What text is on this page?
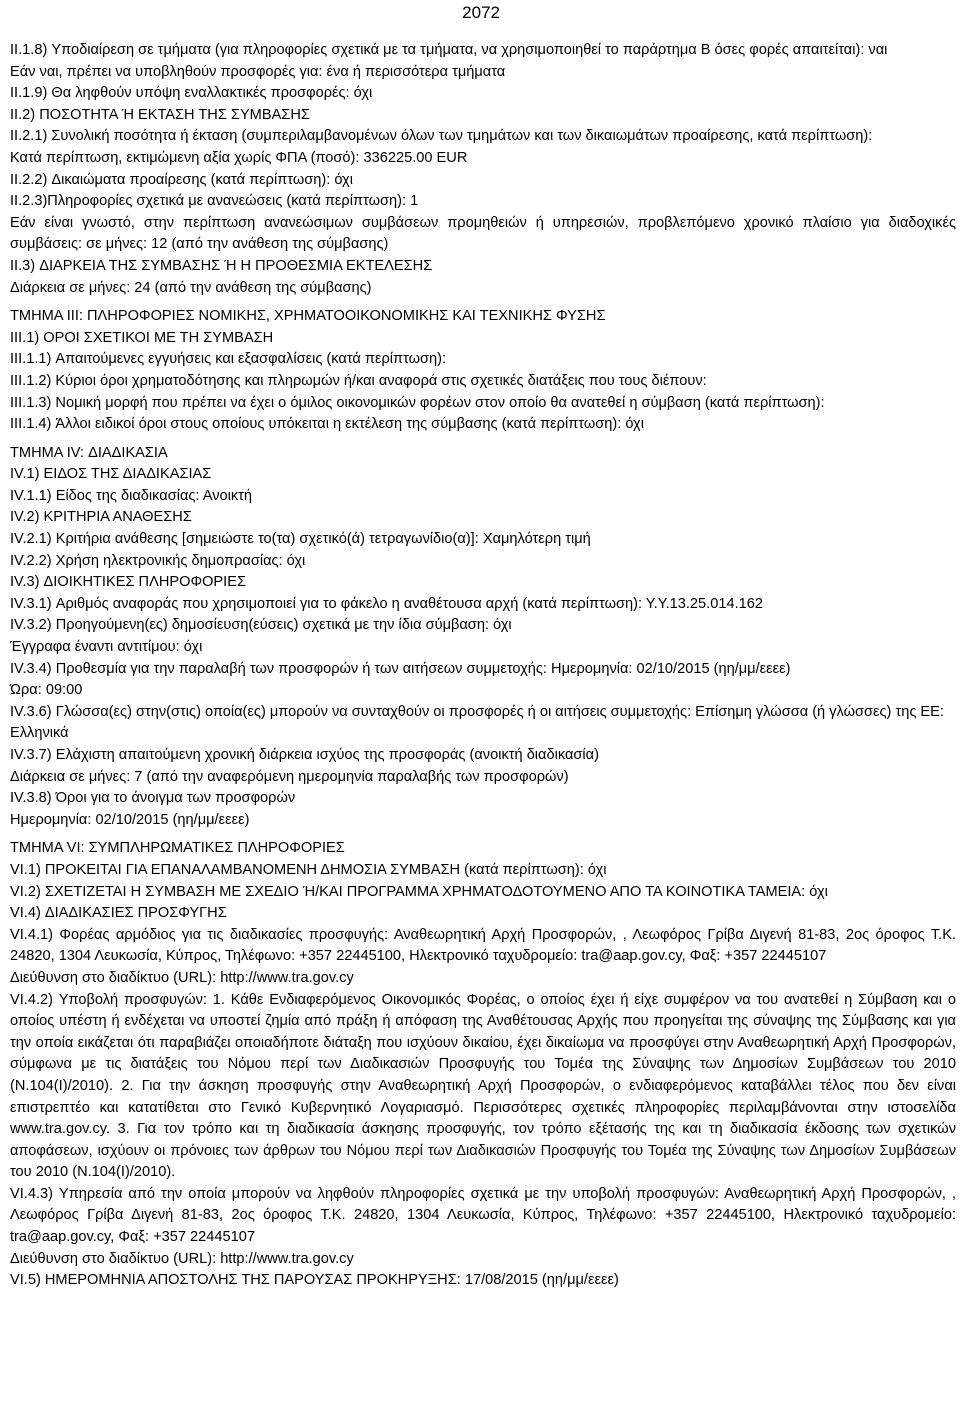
2072

II.1.8) Υποδιαίρεση σε τμήματα (για πληροφορίες σχετικά με τα τμήματα, να χρησιμοποιηθεί το παράρτημα Β όσες φορές απαιτείται): ναι

Εάν ναι, πρέπει να υποβληθούν προσφορές για: ένα ή περισσότερα τμήματα

II.1.9) Θα ληφθούν υπόψη εναλλακτικές προσφορές: όχι

II.2) ΠΟΣΟΤΗΤΑ Ή ΕΚΤΑΣΗ ΤΗΣ ΣΥΜΒΑΣΗΣ

II.2.1) Συνολική ποσότητα ή έκταση (συμπεριλαμβανομένων όλων των τμημάτων και των δικαιωμάτων προαίρεσης, κατά περίπτωση):

Κατά περίπτωση, εκτιμώμενη αξία χωρίς ΦΠΑ (ποσό): 336225.00 EUR

II.2.2) Δικαιώματα προαίρεσης (κατά περίπτωση): όχι

II.2.3)Πληροφορίες σχετικά με ανανεώσεις (κατά περίπτωση): 1

Εάν είναι γνωστό, στην περίπτωση ανανεώσιμων συμβάσεων προμηθειών ή υπηρεσιών, προβλεπόμενο χρονικό πλαίσιο για διαδοχικές συμβάσεις: σε μήνες: 12 (από την ανάθεση της σύμβασης)

II.3) ΔΙΑΡΚΕΙΑ ΤΗΣ ΣΥΜΒΑΣΗΣ Ή Η ΠΡΟΘΕΣΜΙΑ ΕΚΤΕΛΕΣΗΣ

Διάρκεια σε μήνες: 24 (από την ανάθεση της σύμβασης)

ΤΜΗΜΑ III: ΠΛΗΡΟΦΟΡΙΕΣ ΝΟΜΙΚΗΣ, ΧΡΗΜΑΤΟΟΙΚΟΝΟΜΙΚΗΣ ΚΑΙ ΤΕΧΝΙΚΗΣ ΦΥΣΗΣ

III.1) ΟΡΟΙ ΣΧΕΤΙΚΟΙ ΜΕ ΤΗ ΣΥΜΒΑΣΗ

III.1.1) Απαιτούμενες εγγυήσεις και εξασφαλίσεις (κατά περίπτωση):

III.1.2) Κύριοι όροι χρηματοδότησης και πληρωμών ή/και αναφορά στις σχετικές διατάξεις που τους διέπουν:

III.1.3) Νομική μορφή που πρέπει να έχει ο όμιλος οικονομικών φορέων στον οποίο θα ανατεθεί η σύμβαση (κατά περίπτωση):

III.1.4) Άλλοι ειδικοί όροι στους οποίους υπόκειται η εκτέλεση της σύμβασης (κατά περίπτωση): όχι

ΤΜΗΜΑ IV: ΔΙΑΔΙΚΑΣΙΑ

IV.1) ΕΙΔΟΣ ΤΗΣ ΔΙΑΔΙΚΑΣΙΑΣ

IV.1.1) Είδος της διαδικασίας: Ανοικτή

IV.2) ΚΡΙΤΗΡΙΑ ΑΝΑΘΕΣΗΣ

IV.2.1) Κριτήρια ανάθεσης [σημειώστε το(τα) σχετικό(ά) τετραγωνίδιο(α)]: Χαμηλότερη τιμή

IV.2.2) Χρήση ηλεκτρονικής δημοπρασίας: όχι

IV.3) ΔΙΟΙΚΗΤΙΚΕΣ ΠΛΗΡΟΦΟΡΙΕΣ

IV.3.1) Αριθμός αναφοράς που χρησιμοποιεί για το φάκελο η αναθέτουσα αρχή (κατά περίπτωση): Υ.Υ.13.25.014.162

IV.3.2) Προηγούμενη(ες) δημοσίευση(εύσεις) σχετικά με την ίδια σύμβαση: όχι

Έγγραφα έναντι αντιτίμου: όχι

IV.3.4) Προθεσμία για την παραλαβή των προσφορών ή των αιτήσεων συμμετοχής: Ημερομηνία: 02/10/2015 (ηη/μμ/εεεε)

Ώρα: 09:00

IV.3.6) Γλώσσα(ες) στην(στις) οποία(ες) μπορούν να συνταχθούν οι προσφορές ή οι αιτήσεις συμμετοχής: Επίσημη γλώσσα (ή γλώσσες) της ΕΕ:

Ελληνικά

IV.3.7) Ελάχιστη απαιτούμενη χρονική διάρκεια ισχύος της προσφοράς (ανοικτή διαδικασία)

Διάρκεια σε μήνες: 7 (από την αναφερόμενη ημερομηνία παραλαβής των προσφορών)

IV.3.8) Όροι για το άνοιγμα των προσφορών

Ημερομηνία: 02/10/2015 (ηη/μμ/εεεε)

ΤΜΗΜΑ VI: ΣΥΜΠΛΗΡΩΜΑΤΙΚΕΣ ΠΛΗΡΟΦΟΡΙΕΣ

VI.1) ΠΡΟΚΕΙΤΑΙ ΓΙΑ ΕΠΑΝΑΛΑΜΒΑΝΟΜΕΝΗ ΔΗΜΟΣΙΑ ΣΥΜΒΑΣΗ (κατά περίπτωση): όχι

VI.2) ΣΧΕΤΙΖΕΤΑΙ Η ΣΥΜΒΑΣΗ ΜΕ ΣΧΕΔΙΟ Ή/ΚΑΙ ΠΡΟΓΡΑΜΜΑ ΧΡΗΜΑΤΟΔΟΤΟΥΜΕΝΟ ΑΠΟ ΤΑ ΚΟΙΝΟΤΙΚΑ ΤΑΜΕΙΑ: όχι

VI.4) ΔΙΑΔΙΚΑΣΙΕΣ ΠΡΟΣΦΥΓΗΣ

VI.4.1) Φορέας αρμόδιος για τις διαδικασίες προσφυγής: Αναθεωρητική Αρχή Προσφορών, , Λεωφόρος Γρίβα Διγενή 81-83, 2ος όροφος Τ.Κ. 24820, 1304 Λευκωσία, Κύπρος, Τηλέφωνο: +357 22445100, Ηλεκτρονικό ταχυδρομείο: tra@aap.gov.cy, Φαξ: +357 22445107

Διεύθυνση στο διαδίκτυο (URL): http://www.tra.gov.cy

VI.4.2) Υποβολή προσφυγών: 1. Κάθε Ενδιαφερόμενος Οικονομικός Φορέας, ο οποίος έχει ή είχε συμφέρον να του ανατεθεί η Σύμβαση και ο οποίος υπέστη ή ενδέχεται να υποστεί ζημία από πράξη ή απόφαση της Αναθέτουσας Αρχής που προηγείται της σύναψης της Σύμβασης και για την οποία εικάζεται ότι παραβιάζει οποιαδήποτε διάταξη που ισχύουν δικαίου, έχει δικαίωμα να προσφύγει στην Αναθεωρητική Αρχή Προσφορών, σύμφωνα με τις διατάξεις του Νόμου περί των Διαδικασιών Προσφυγής του Τομέα της Σύναψης των Δημοσίων Συμβάσεων του 2010 (Ν.104(I)/2010). 2. Για την άσκηση προσφυγής στην Αναθεωρητική Αρχή Προσφορών, ο ενδιαφερόμενος καταβάλλει τέλος που δεν είναι επιστρεπτέο και κατατίθεται στο Γενικό Κυβερνητικό Λογαριασμό. Περισσότερες σχετικές πληροφορίες περιλαμβάνονται στην ιστοσελίδα www.tra.gov.cy. 3. Για τον τρόπο και τη διαδικασία άσκησης προσφυγής, τον τρόπο εξέτασής της και τη διαδικασία έκδοσης των σχετικών αποφάσεων, ισχύουν οι πρόνοιες των άρθρων του Νόμου περί των Διαδικασιών Προσφυγής του Τομέα της Σύναψης των Δημοσίων Συμβάσεων του 2010 (Ν.104(I)/2010).

VI.4.3) Υπηρεσία από την οποία μπορούν να ληφθούν πληροφορίες σχετικά με την υποβολή προσφυγών: Αναθεωρητική Αρχή Προσφορών, , Λεωφόρος Γρίβα Διγενή 81-83, 2ος όροφος Τ.Κ. 24820, 1304 Λευκωσία, Κύπρος, Τηλέφωνο: +357 22445100, Ηλεκτρονικό ταχυδρομείο: tra@aap.gov.cy, Φαξ: +357 22445107

Διεύθυνση στο διαδίκτυο (URL): http://www.tra.gov.cy

VI.5) ΗΜΕΡΟΜΗΝΙΑ ΑΠΟΣΤΟΛΗΣ ΤΗΣ ΠΑΡΟΥΣΑΣ ΠΡΟΚΗΡΥΞΗΣ: 17/08/2015 (ηη/μμ/εεεε)
